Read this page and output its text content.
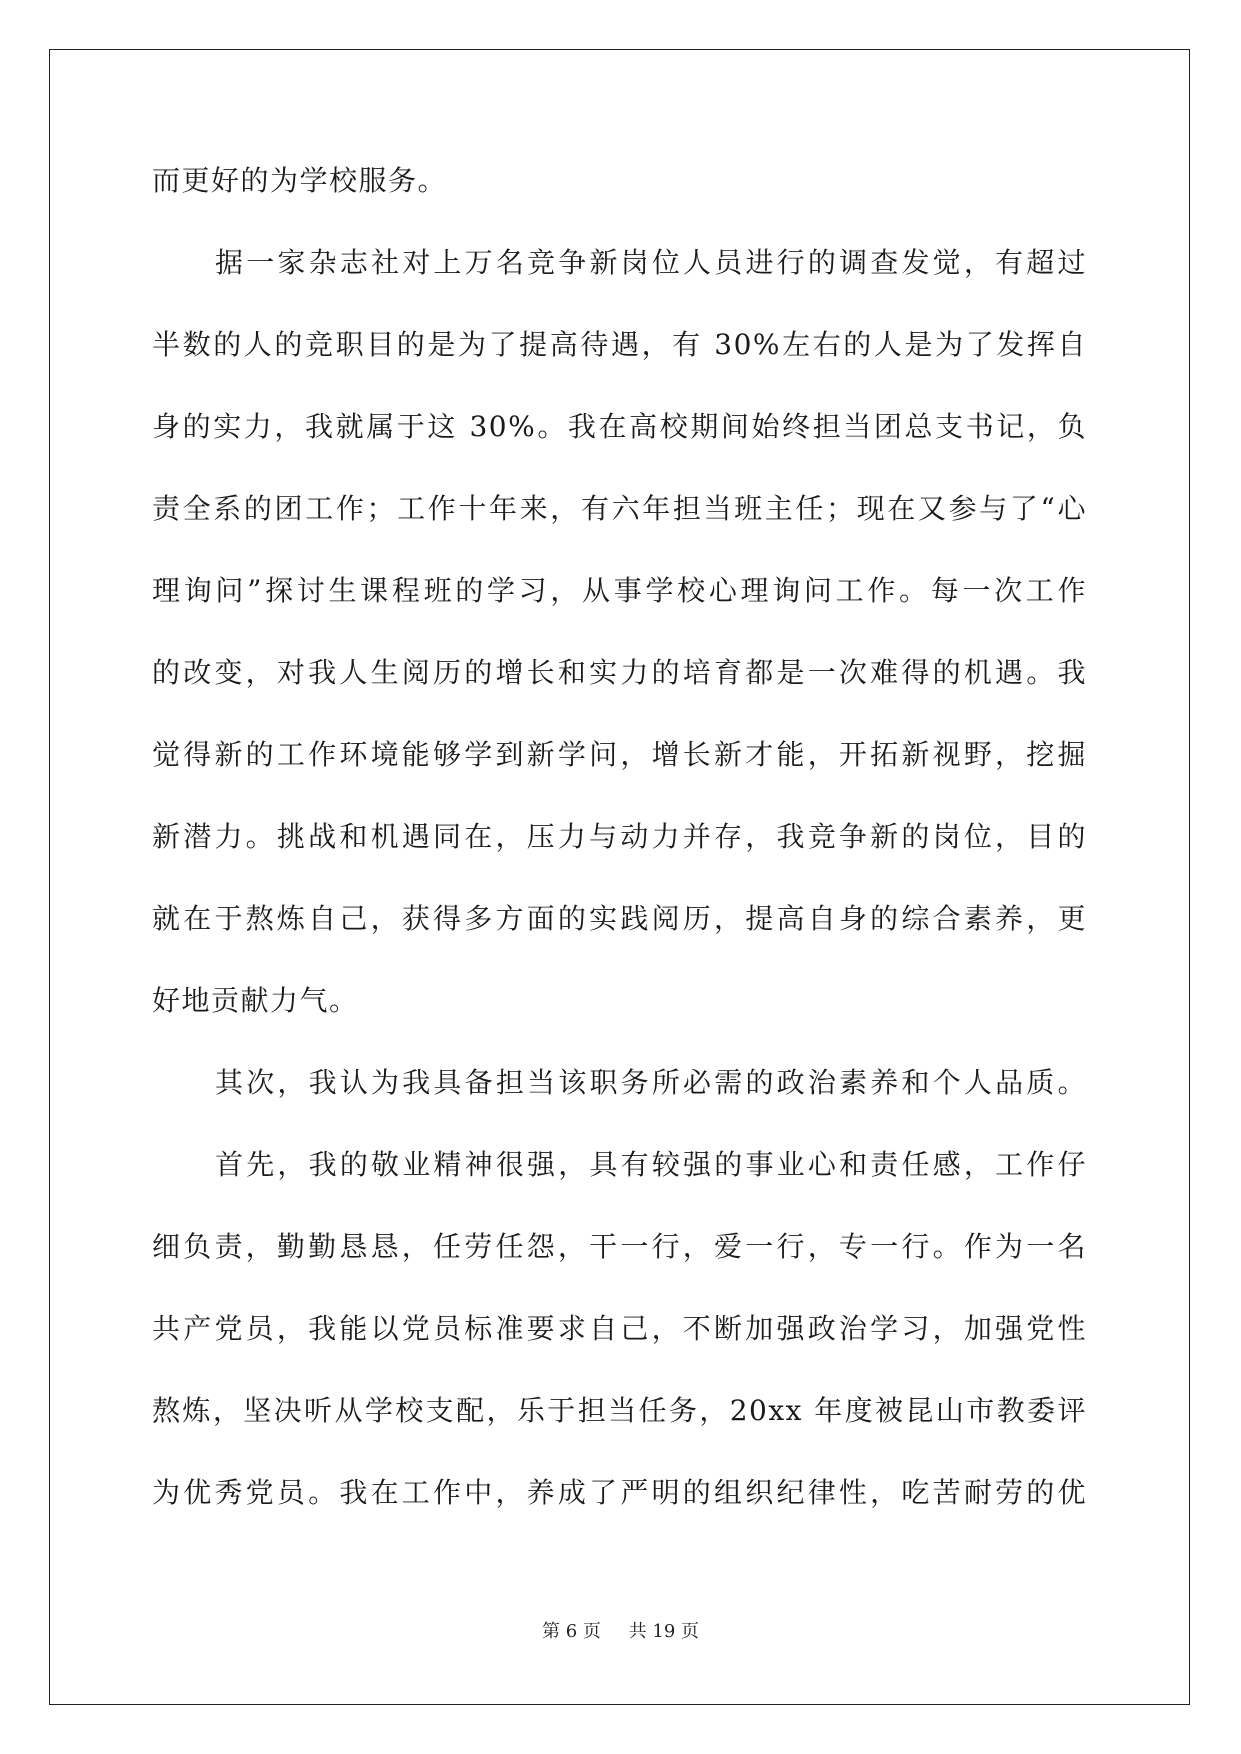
而更好的为学校服务。
据一家杂志社对上万名竞争新岗位人员进行的调查发觉，有超过
半数的人的竞职目的是为了提高待遇，有 30%左右的人是为了发挥自
身的实力，我就属于这 30%。我在高校期间始终担当团总支书记，负
责全系的团工作；工作十年来，有六年担当班主任；现在又参与了“心
理询问”探讨生课程班的学习，从事学校心理询问工作。每一次工作
的改变，对我人生阅历的增长和实力的培育都是一次难得的机遇。我
觉得新的工作环境能够学到新学问，增长新才能，开拓新视野，挖掘
新潜力。挑战和机遇同在，压力与动力并存，我竞争新的岗位，目的
就在于熬炼自己，获得多方面的实践阅历，提高自身的综合素养，更
好地贡献力气。
其次，我认为我具备担当该职务所必需的政治素养和个人品质。
首先，我的敬业精神很强，具有较强的事业心和责任感，工作仔
细负责，勤勤恳恳，任劳任怨，干一行，爱一行，专一行。作为一名
共产党员，我能以党员标准要求自己，不断加强政治学习，加强党性
熬炼，坚决听从学校支配，乐于担当任务，20xx 年度被昆山市教委评
为优秀党员。我在工作中，养成了严明的组织纪律性，吃苦耐劳的优
第 6 页 共 19 页
